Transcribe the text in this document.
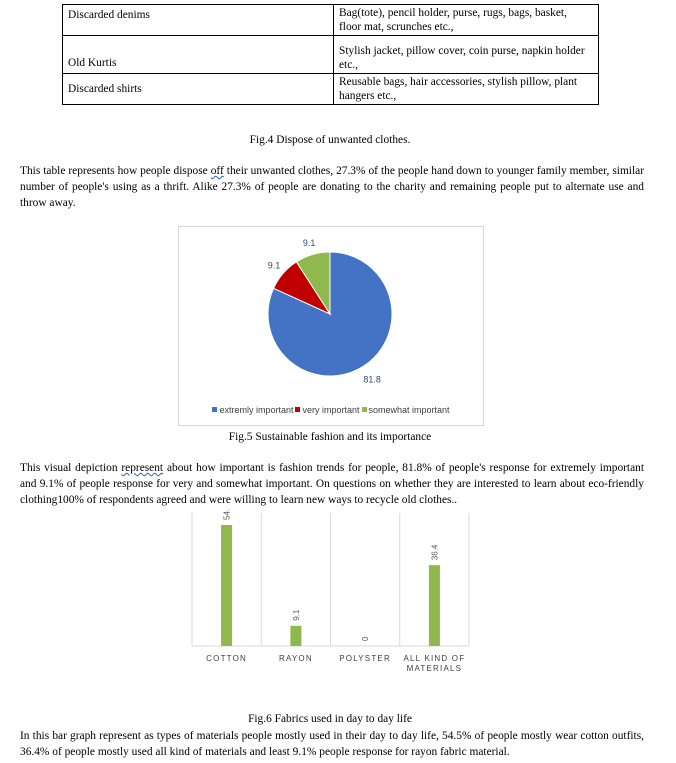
Discarded denims	Bag(tote), pencil holder, purse, rugs, bags, basket,
floor mat, scrunches etc.,

Old Kurtis	Stylish jacket, pillow cover, coin purse, napkin holder
etc.,

Discarded shirts	Reusable bags, hair accessories, stylish pillow, plant
hangers etc.,
Fig.4 Dispose of unwanted clothes.
This table represents how people dispose off their unwanted clothes, 27.3% of the people hand down to younger family member, similar number of people's using as a thrift. Alike 27.3% of people are donating to the charity and remaining people put to alternate use and throw away.
81.8
9.1
9.1
extremly important very important somewhat important
Fig.5 Sustainable fashion and its importance
This visual depiction represent about how important is fashion trends for people, 81.8% of people's response for extremely important and 9.1% of people response for very and somewhat important. On questions on whether they are interested to learn about eco-friendly clothing100% of respondents agreed and were willing to learn new ways to recycle old clothes..
54.5
COTTON
9.1
RAYON
0
POLYSTER
36.4
ALL KIND OF
MATERIALS
Fig.6 Fabrics used in day to day life
In this bar graph represent as types of materials people mostly used in their day to day life, 54.5% of people mostly wear cotton outfits, 36.4% of people mostly used all kind of materials and least 9.1% people response for rayon fabric material.
